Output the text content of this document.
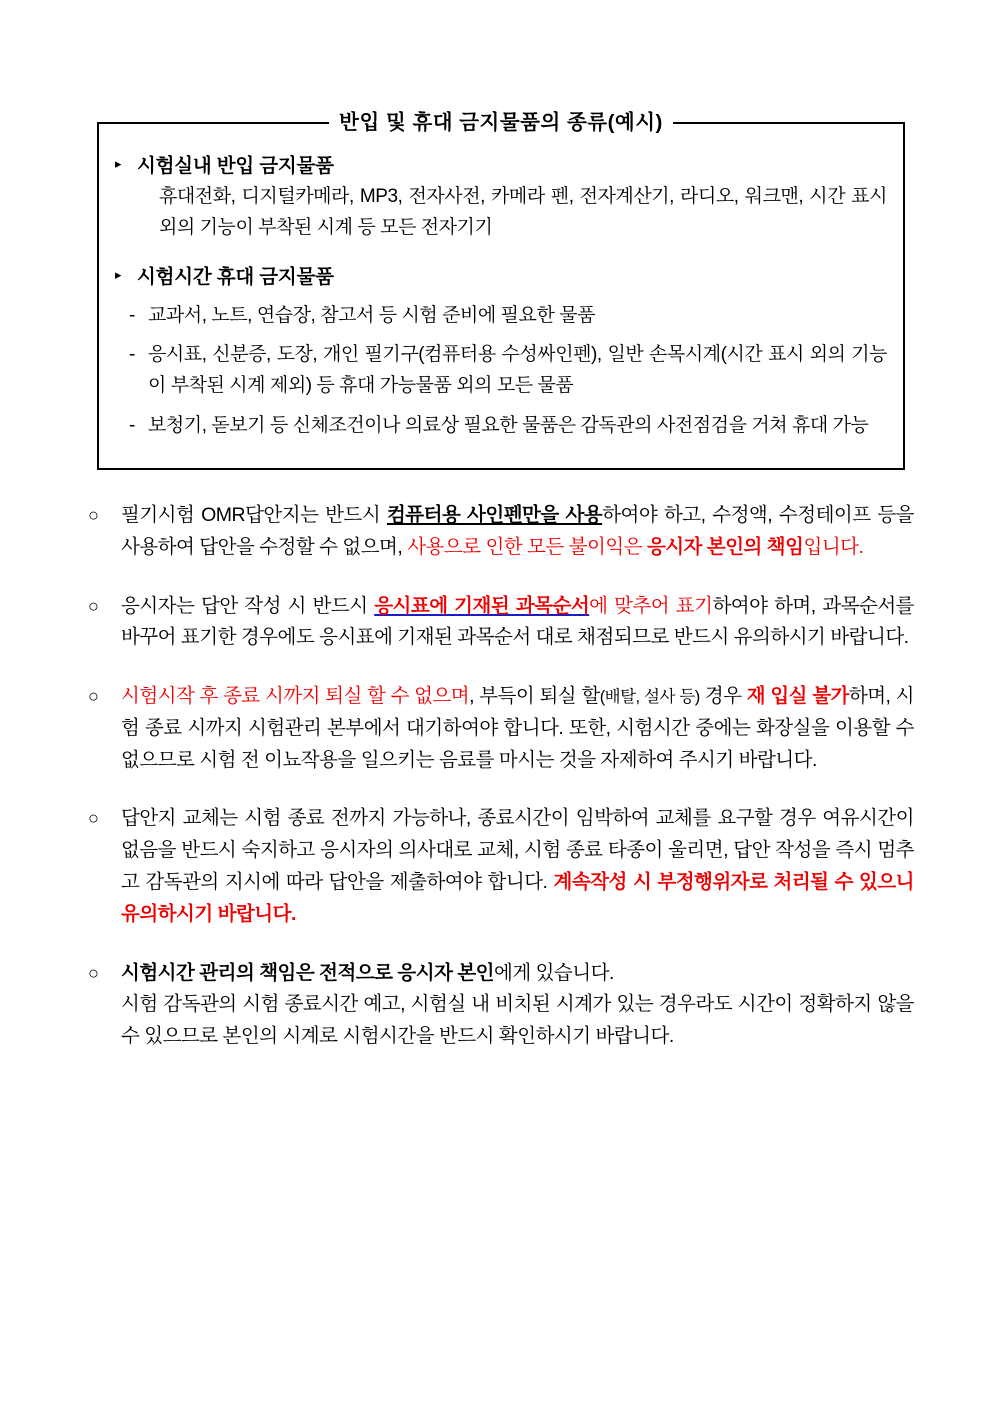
반입 및 휴대 금지물품의 종류(예시)
▸ 시험실내 반입 금지물품
휴대전화, 디지털카메라, MP3, 전자사전, 카메라 펜, 전자계산기, 라디오, 워크맨, 시간 표시 외의 기능이 부착된 시계 등 모든 전자기기
▸ 시험시간 휴대 금지물품
- 교과서, 노트, 연습장, 참고서 등 시험 준비에 필요한 물품
- 응시표, 신분증, 도장, 개인 필기구(컴퓨터용 수성싸인펜), 일반 손목시계(시간 표시 외의 기능이 부착된 시계 제외) 등 휴대 가능물품 외의 모든 물품
- 보청기, 돋보기 등 신체조건이나 의료상 필요한 물품은 감독관의 사전점검을 거쳐 휴대 가능
○	필기시험 OMR답안지는 반드시 컴퓨터용 사인펜만을 사용하여야 하고, 수정액, 수정테이프 등을 사용하여 답안을 수정할 수 없으며, 사용으로 인한 모든 불이익은 응시자 본인의 책임입니다.
○	응시자는 답안 작성 시 반드시 응시표에 기재된 과목순서에 맞추어 표기하여야 하며, 과목순서를 바꾸어 표기한 경우에도 응시표에 기재된 과목순서 대로 채점되므로 반드시 유의하시기 바랍니다.
○	시험시작 후 종료 시까지 퇴실 할 수 없으며, 부득이 퇴실 할(배탈, 설사 등) 경우 재 입실 불가하며, 시험 종료 시까지 시험관리 본부에서 대기하여야 합니다. 또한, 시험시간 중에는 화장실을 이용할 수 없으므로 시험 전 이뇨작용을 일으키는 음료를 마시는 것을 자제하여 주시기 바랍니다.
○	답안지 교체는 시험 종료 전까지 가능하나, 종료시간이 임박하여 교체를 요구할 경우 여유시간이 없음을 반드시 숙지하고 응시자의 의사대로 교체, 시험 종료 타종이 울리면, 답안 작성을 즉시 멈추고 감독관의 지시에 따라 답안을 제출하여야 합니다. 계속작성 시 부정행위자로 처리될 수 있으니 유의하시기 바랍니다.
○	시험시간 관리의 책임은 전적으로 응시자 본인에게 있습니다.
시험 감독관의 시험 종료시간 예고, 시험실 내 비치된 시계가 있는 경우라도 시간이 정확하지 않을 수 있으므로 본인의 시계로 시험시간을 반드시 확인하시기 바랍니다.
